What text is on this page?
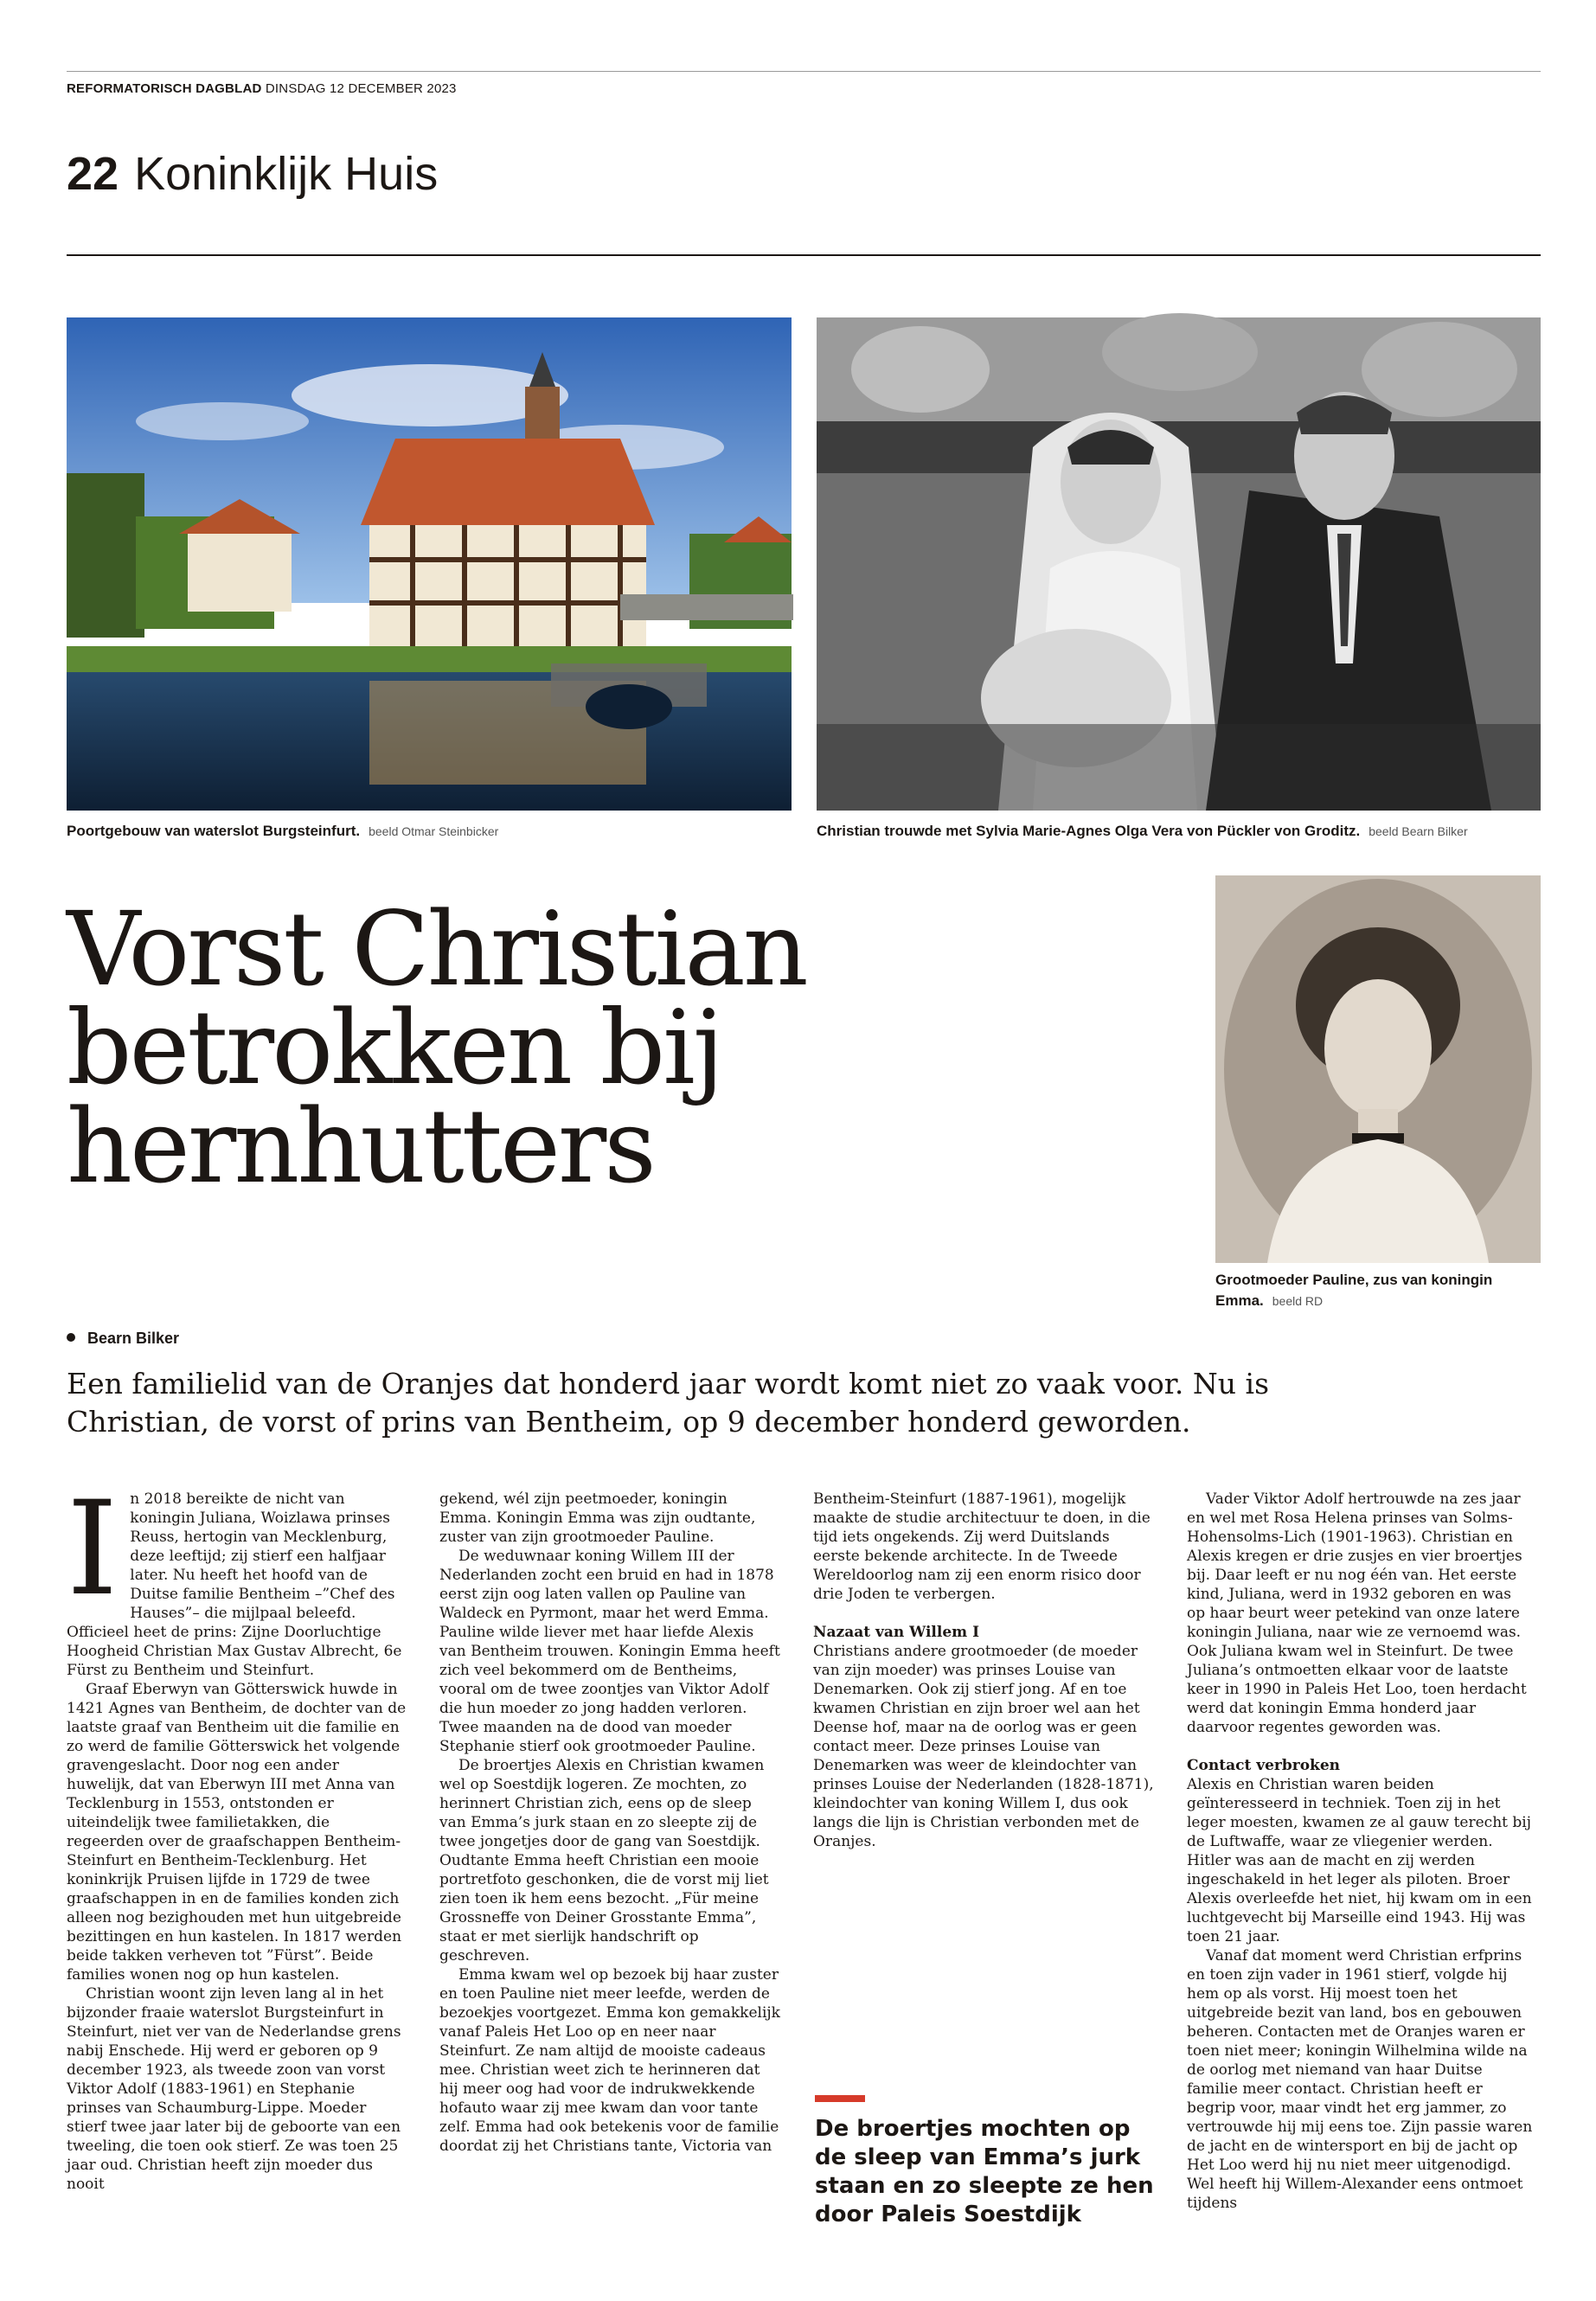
REFORMATORISCH DAGBLAD DINSDAG 12 DECEMBER 2023
22 Koninklijk Huis
Poortgebouw van waterslot Burgsteinfurt. beeld Otmar Steinbicker	Christian trouwde met Sylvia Marie-Agnes Olga Vera von Pückler von Groditz. beeld Bearn Bilker
Grootmoeder Pauline, zus van koningin Emma. beeld RD
Vorst Christian
betrokken bij
hernhutters
Bearn Bilker

Een familielid van de Oranjes dat honderd jaar wordt komt niet zo vaak voor. Nu is Christian, de vorst of prins van Bentheim, op 9 december honderd geworden.

I n 2018 bereikte de nicht van koningin Juliana, Woizlawa prinses Reuss, hertogin van Mecklenburg, deze leeftijd; zij stierf een halfjaar later. Nu heeft het hoofd van de Duitse familie Bentheim –”Chef des Hauses”– die mijlpaal beleefd. Officieel heet de prins: Zijne Doorluchtige Hoogheid Christian Max Gustav Albrecht, 6e Fürst zu Bentheim und Steinfurt.

Graaf Eberwyn van Götterswick huwde in 1421 Agnes van Bentheim, de dochter van de laatste graaf van Bentheim uit die familie en zo werd de familie Götterswick het volgende gravengeslacht. Door nog een ander huwelijk, dat van Eberwyn III met Anna van Tecklenburg in 1553, ontstonden er uiteindelijk twee familietakken, die regeerden over de graafschappen Bentheim-Steinfurt en Bentheim-Tecklenburg. Het koninkrijk Pruisen lijfde in 1729 de twee graafschappen in en de families konden zich alleen nog bezighouden met hun uitgebreide bezittingen en hun kastelen. In 1817 werden beide takken verheven tot ”Fürst”. Beide families wonen nog op hun kastelen.

Christian woont zijn leven lang al in het bijzonder fraaie waterslot Burgsteinfurt in Steinfurt, niet ver van de Nederlandse grens nabij Enschede. Hij werd er geboren op 9 december 1923, als tweede zoon van vorst Viktor Adolf (1883-1961) en Stephanie prinses van Schaumburg-Lippe. Moeder stierf twee jaar later bij de geboorte van een tweeling, die toen ook stierf. Ze was toen 25 jaar oud. Christian heeft zijn moeder dus nooit

gekend, wél zijn peetmoeder, koningin Emma. Koningin Emma was zijn oudtante, zuster van zijn grootmoeder Pauline.

De weduwnaar koning Willem III der Nederlanden zocht een bruid en had in 1878 eerst zijn oog laten vallen op Pauline van Waldeck en Pyrmont, maar het werd Emma. Pauline wilde liever met haar liefde Alexis van Bentheim trouwen. Koningin Emma heeft zich veel bekommerd om de Bentheims, vooral om de twee zoontjes van Viktor Adolf die hun moeder zo jong hadden verloren. Twee maanden na de dood van moeder Stephanie stierf ook grootmoeder Pauline.

De broertjes Alexis en Christian kwamen wel op Soestdijk logeren. Ze mochten, zo herinnert Christian zich, eens op de sleep van Emma’s jurk staan en zo sleepte zij de twee jongetjes door de gang van Soestdijk. Oudtante Emma heeft Christian een mooie portretfoto geschonken, die de vorst mij liet zien toen ik hem eens bezocht. „Für meine Grossneffe von Deiner Grosstante Emma”, staat er met sierlijk handschrift op geschreven.

Emma kwam wel op bezoek bij haar zuster en toen Pauline niet meer leefde, werden de bezoekjes voortgezet. Emma kon gemakkelijk vanaf Paleis Het Loo op en neer naar Steinfurt. Ze nam altijd de mooiste cadeaus mee. Christian weet zich te herinneren dat hij meer oog had voor de indrukwekkende hofauto waar zij mee kwam dan voor tante zelf. Emma had ook betekenis voor de familie doordat zij het Christians tante, Victoria van

Bentheim-Steinfurt (1887-1961), mogelijk maakte de studie architectuur te doen, in die tijd iets ongekends. Zij werd Duitslands eerste bekende architecte. In de Tweede Wereldoorlog nam zij een enorm risico door drie Joden te verbergen.

Nazaat van Willem I

Christians andere grootmoeder (de moeder van zijn moeder) was prinses Louise van Denemarken. Ook zij stierf jong. Af en toe kwamen Christian en zijn broer wel aan het Deense hof, maar na de oorlog was er geen contact meer. Deze prinses Louise van Denemarken was weer de kleindochter van prinses Louise der Nederlanden (1828-1871), kleindochter van koning Willem I, dus ook langs die lijn is Christian verbonden met de Oranjes.

De broertjes mochten op de sleep van Emma’s jurk staan en zo sleepte ze hen door Paleis Soestdijk

Vader Viktor Adolf hertrouwde na zes jaar en wel met Rosa Helena prinses van Solms-Hohensolms-Lich (1901-1963). Christian en Alexis kregen er drie zusjes en vier broertjes bij. Daar leeft er nu nog één van. Het eerste kind, Juliana, werd in 1932 geboren en was op haar beurt weer petekind van onze latere koningin Juliana, naar wie ze vernoemd was. Ook Juliana kwam wel in Steinfurt. De twee Juliana’s ontmoetten elkaar voor de laatste keer in 1990 in Paleis Het Loo, toen herdacht werd dat koningin Emma honderd jaar daarvoor regentes geworden was.

Contact verbroken

Alexis en Christian waren beiden geïnteresseerd in techniek. Toen zij in het leger moesten, kwamen ze al gauw terecht bij de Luftwaffe, waar ze vliegenier werden. Hitler was aan de macht en zij werden ingeschakeld in het leger als piloten. Broer Alexis overleefde het niet, hij kwam om in een luchtgevecht bij Marseille eind 1943. Hij was toen 21 jaar.

Vanaf dat moment werd Christian erfprins en toen zijn vader in 1961 stierf, volgde hij hem op als vorst. Hij moest toen het uitgebreide bezit van land, bos en gebouwen beheren. Contacten met de Oranjes waren er toen niet meer; koningin Wilhelmina wilde na de oorlog met niemand van haar Duitse familie meer contact. Christian heeft er begrip voor, maar vindt het erg jammer, zo vertrouwde hij mij eens toe. Zijn passie waren de jacht en de wintersport en bij de jacht op Het Loo werd hij nu niet meer uitgenodigd. Wel heeft hij Willem-Alexander eens ontmoet tijdens
